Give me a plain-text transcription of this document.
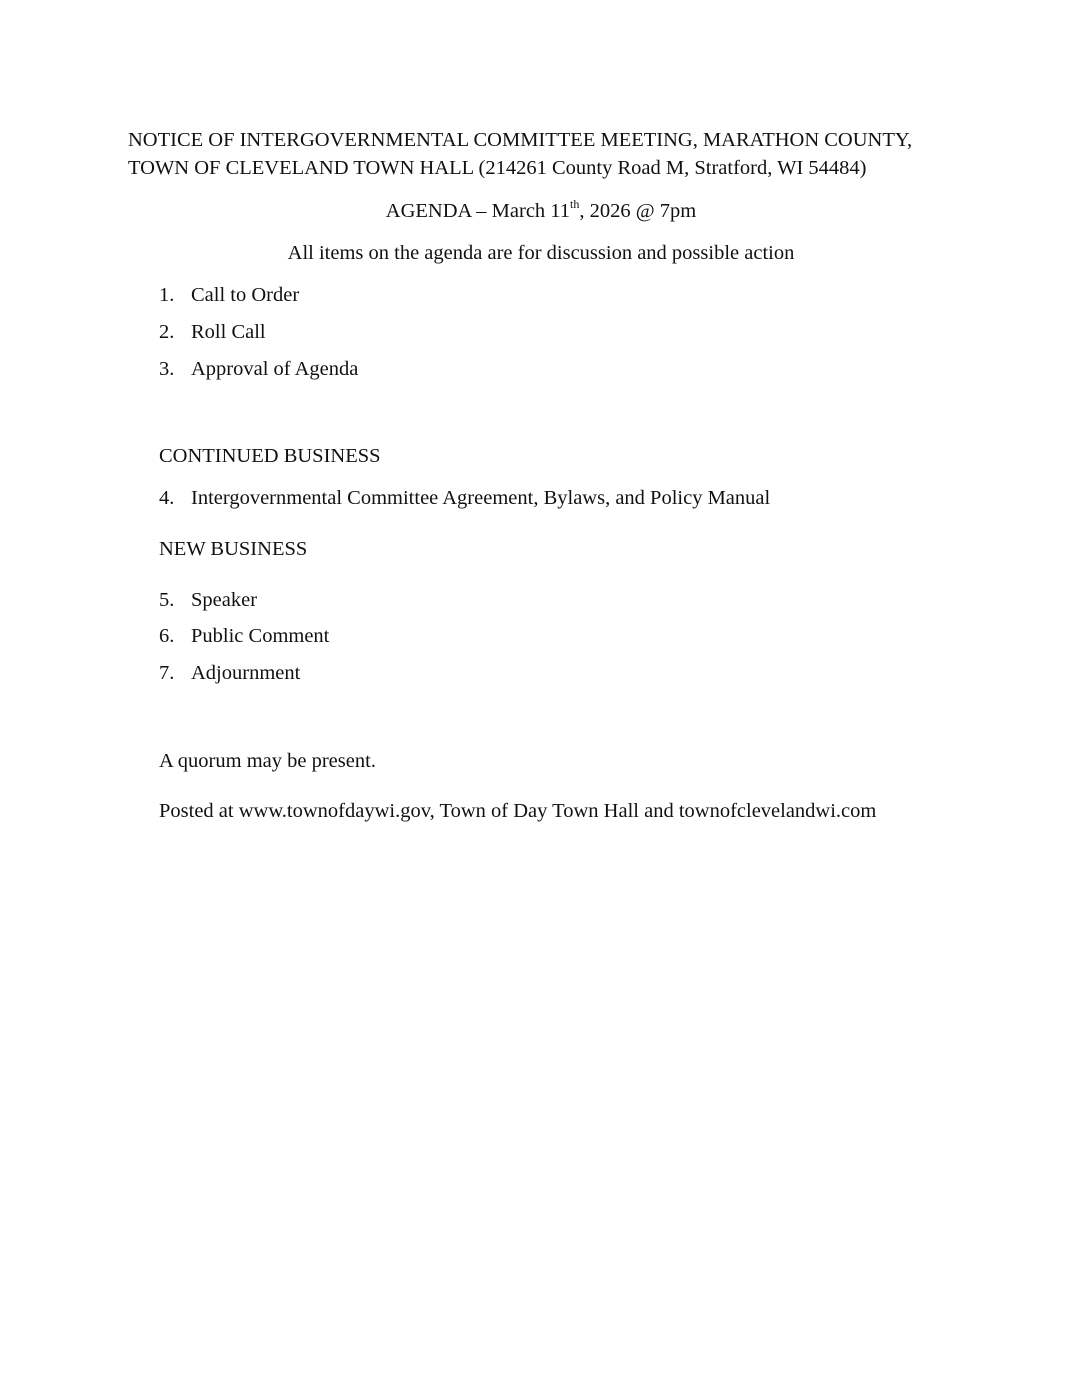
NOTICE OF INTERGOVERNMENTAL COMMITTEE MEETING, MARATHON COUNTY,
TOWN OF CLEVELAND TOWN HALL (214261 County Road M, Stratford, WI 54484)
AGENDA – March 11th, 2026 @ 7pm
All items on the agenda are for discussion and possible action
1. Call to Order
2. Roll Call
3. Approval of Agenda
CONTINUED BUSINESS
4. Intergovernmental Committee Agreement, Bylaws, and Policy Manual
NEW BUSINESS
5. Speaker
6. Public Comment
7. Adjournment
A quorum may be present.
Posted at www.townofdaywi.gov, Town of Day Town Hall and townofclevelandwi.com
